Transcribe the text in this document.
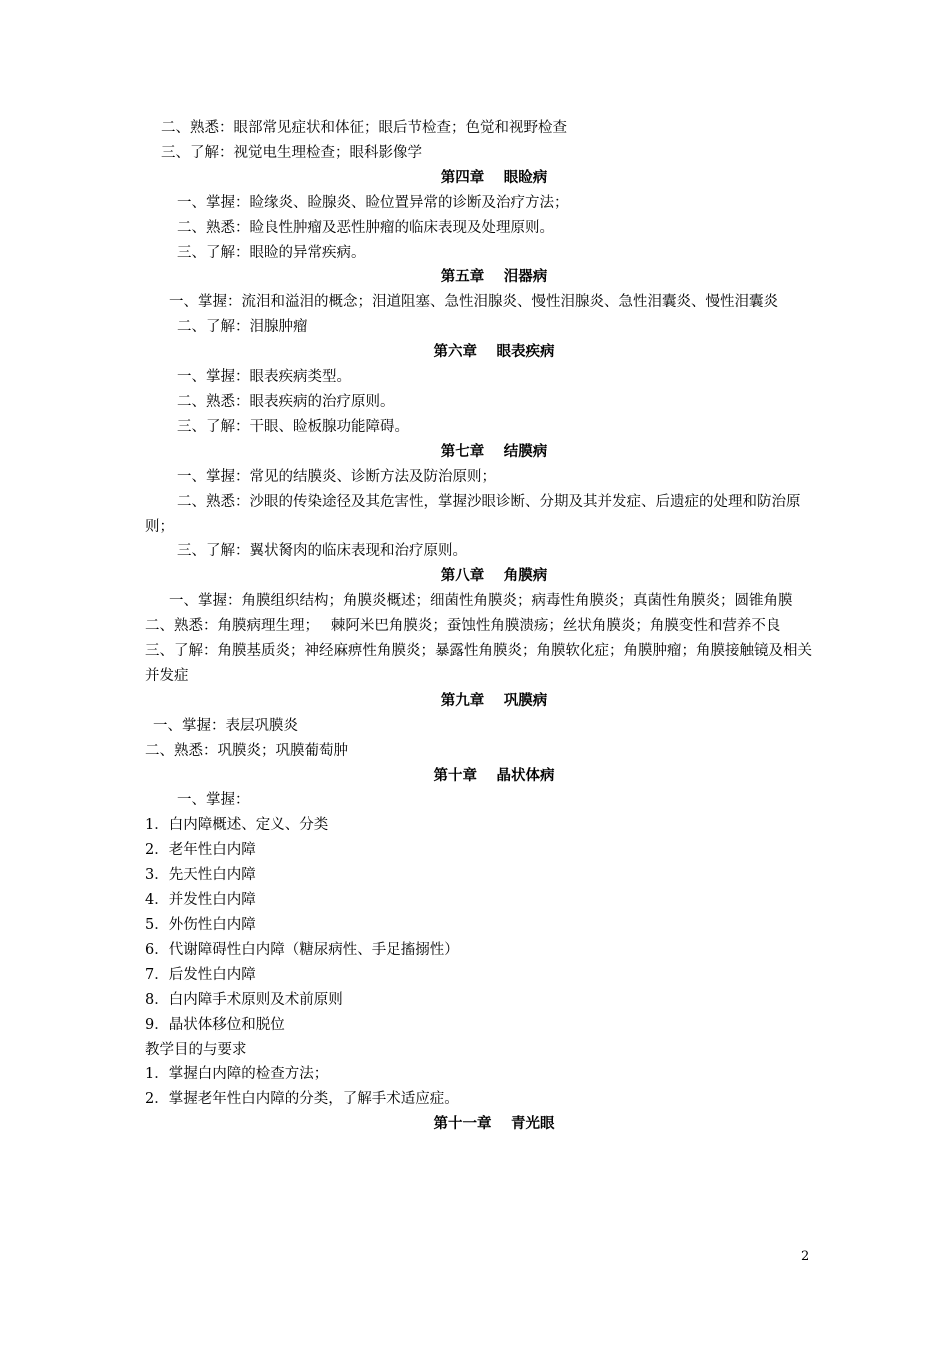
二、熟悉：眼部常见症状和体征；眼后节检查；色觉和视野检查
三、了解：视觉电生理检查；眼科影像学
第四章　 眼睑病
一、掌握：睑缘炎、睑腺炎、睑位置异常的诊断及治疗方法；
二、熟悉：睑良性肿瘤及恶性肿瘤的临床表现及处理原则。
三、了解：眼睑的异常疾病。
第五章　 泪器病
一、掌握：流泪和溢泪的概念；泪道阻塞、急性泪腺炎、慢性泪腺炎、急性泪囊炎、慢性泪囊炎
二、了解：泪腺肿瘤
第六章　 眼表疾病
一、掌握：眼表疾病类型。
二、熟悉：眼表疾病的治疗原则。
三、了解：干眼、睑板腺功能障碍。
第七章　 结膜病
一、掌握：常见的结膜炎、诊断方法及防治原则；
二、熟悉：沙眼的传染途径及其危害性，掌握沙眼诊断、分期及其并发症、后遗症的处理和防治原则；
三、了解：翼状胬肉的临床表现和治疗原则。
第八章　 角膜病
一、掌握：角膜组织结构；角膜炎概述；细菌性角膜炎；病毒性角膜炎；真菌性角膜炎；圆锥角膜
二、熟悉：角膜病理生理；　 棘阿米巴角膜炎；蚕蚀性角膜溃疡；丝状角膜炎；角膜变性和营养不良
三、了解：角膜基质炎；神经麻痹性角膜炎；暴露性角膜炎；角膜软化症；角膜肿瘤；角膜接触镜及相关并发症
第九章　 巩膜病
一、掌握：表层巩膜炎
二、熟悉：巩膜炎；巩膜葡萄肿
第十章　 晶状体病
一、掌握：
1．白内障概述、定义、分类
2．老年性白内障
3．先天性白内障
4．并发性白内障
5．外伤性白内障
6．代谢障碍性白内障（糖尿病性、手足搐搦性）
7．后发性白内障
8．白内障手术原则及术前原则
9．晶状体移位和脱位
教学目的与要求
1．掌握白内障的检查方法；
2．掌握老年性白内障的分类，了解手术适应症。
第十一章　 青光眼
2
